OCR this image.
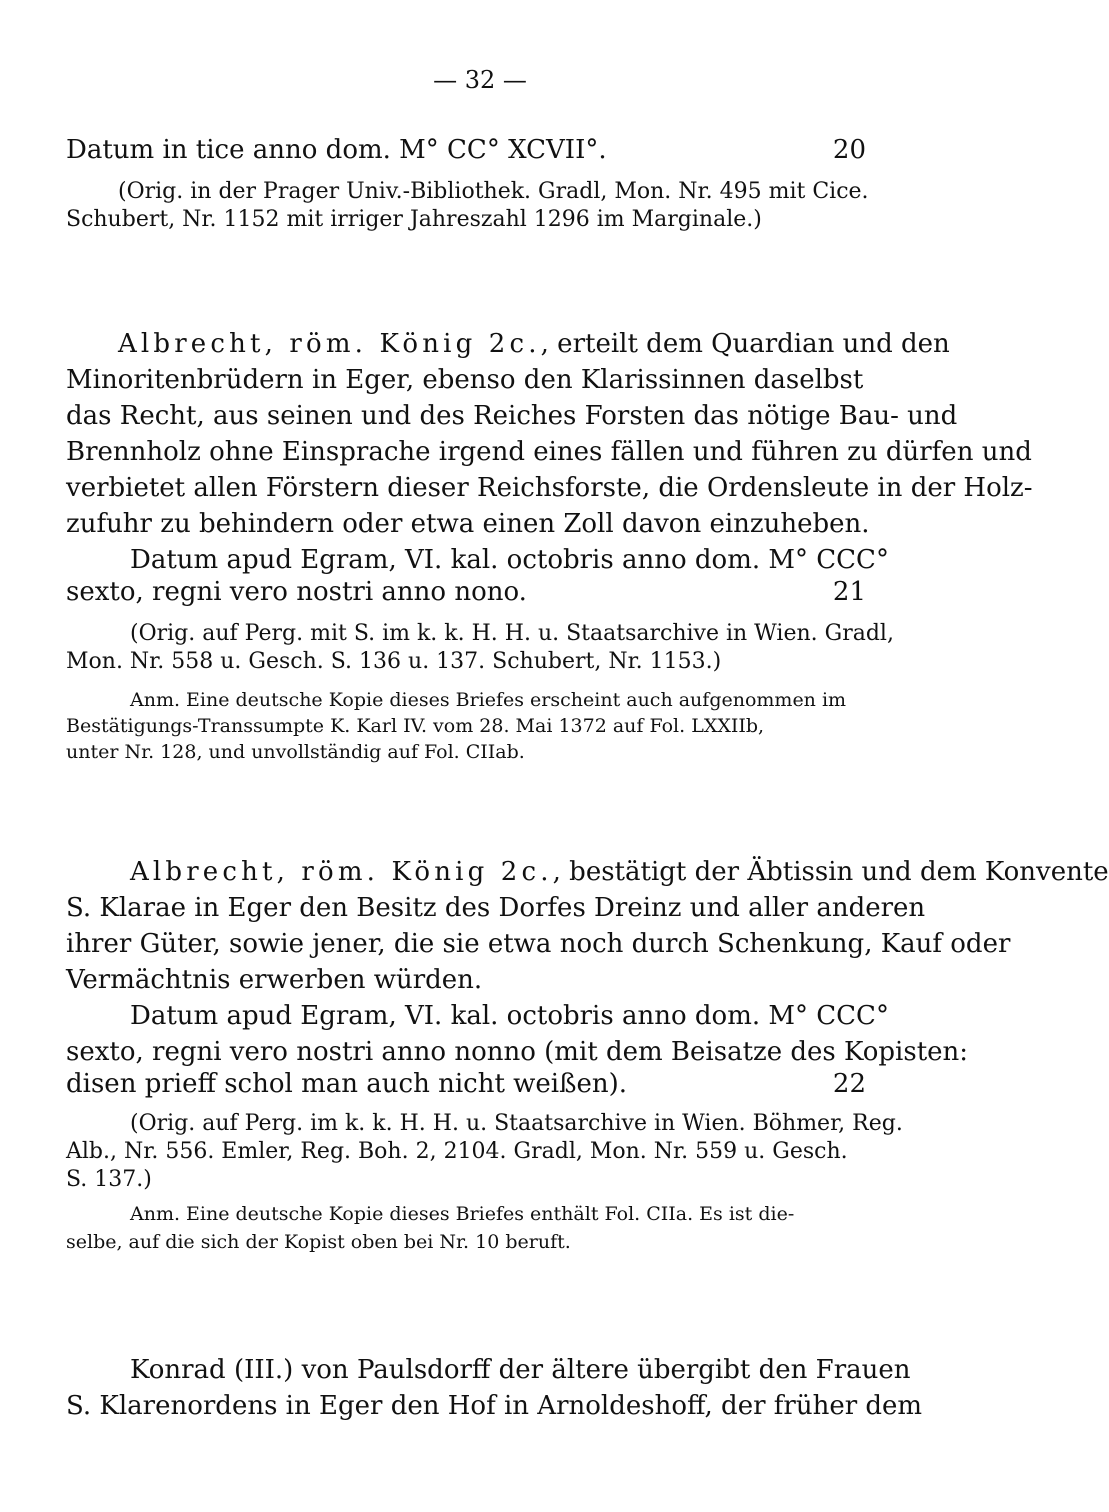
— 32 —
Datum in tice anno dom. M° CC° XCVII°.	20
(Orig. in der Prager Univ.-Bibliothek. Gradl, Mon. Nr. 495 mit Cice.
Schubert, Nr. 1152 mit irriger Jahreszahl 1296 im Marginale.)
Albrecht, röm. König 2c., erteilt dem Quardian und den
Minoritenbrüdern in Eger, ebenso den Klarissinnen daselbst
das Recht, aus seinen und des Reiches Forsten das nötige Bau- und
Brennholz ohne Einsprache irgend eines fällen und führen zu dürfen und
verbietet allen Förstern dieser Reichsforste, die Ordensleute in der Holz-
zufuhr zu behindern oder etwa einen Zoll davon einzuheben.
Datum apud Egram, VI. kal. octobris anno dom. M° CCC°
sexto, regni vero nostri anno nono.	21
(Orig. auf Perg. mit S. im k. k. H. H. u. Staatsarchive in Wien. Gradl,
Mon. Nr. 558 u. Gesch. S. 136 u. 137. Schubert, Nr. 1153.)
Anm. Eine deutsche Kopie dieses Briefes erscheint auch aufgenommen im
Bestätigungs-Transsumpte K. Karl IV. vom 28. Mai 1372 auf Fol. LXXIIb,
unter Nr. 128, und unvollständig auf Fol. CIIab.
Albrecht, röm. König 2c., bestätigt der Äbtissin und dem Konvente
S. Klarae in Eger den Besitz des Dorfes Dreinz und aller anderen
ihrer Güter, sowie jener, die sie etwa noch durch Schenkung, Kauf oder
Vermächtnis erwerben würden.
Datum apud Egram, VI. kal. octobris anno dom. M° CCC°
sexto, regni vero nostri anno nonno (mit dem Beisatze des Kopisten:
disen prieff schol man auch nicht weißen).	22
(Orig. auf Perg. im k. k. H. H. u. Staatsarchive in Wien. Böhmer, Reg.
Alb., Nr. 556. Emler, Reg. Boh. 2, 2104. Gradl, Mon. Nr. 559 u. Gesch.
S. 137.)
Anm. Eine deutsche Kopie dieses Briefes enthält Fol. CIIa. Es ist die-
selbe, auf die sich der Kopist oben bei Nr. 10 beruft.
Konrad (III.) von Paulsdorff der ältere übergibt den Frauen
S. Klarenordens in Eger den Hof in Arnoldeshoff, der früher dem
